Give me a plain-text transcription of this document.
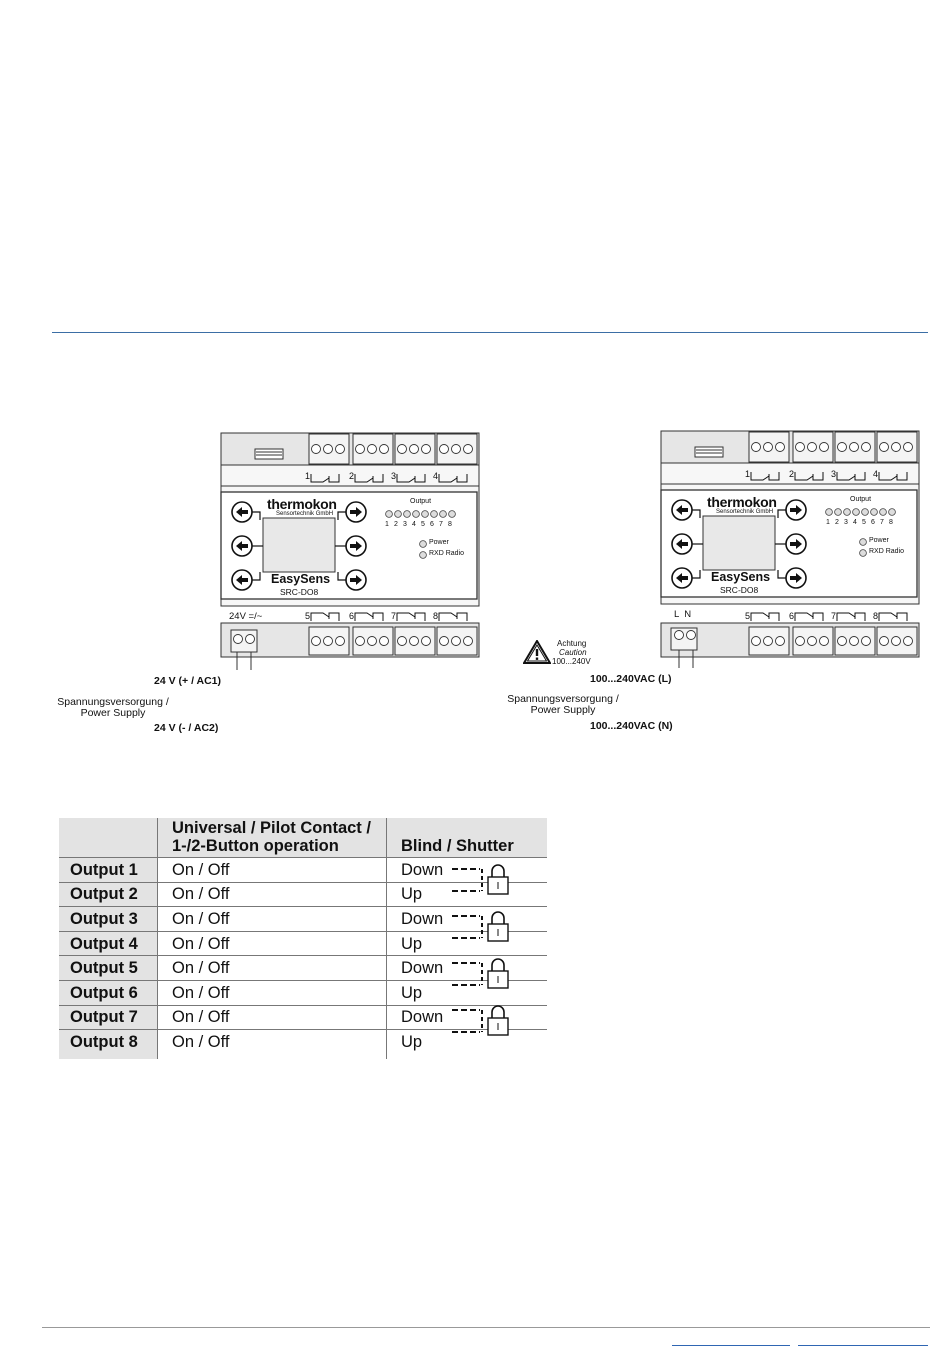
thermokon
Sensortechnik GmbH
EasySens
SRC-DO8
Output
1 2 3 4 5 6 7 8
Power
RXD Radio
1	2	3	4
5	6	7	8
24V =/~
24 V (+ / AC1)
24 V (- / AC2)
Spannungsversorgung /
Power Supply
thermokon
Sensortechnik GmbH
EasySens
SRC-DO8
Output
1 2 3 4 5 6 7 8
Power
RXD Radio
1	2	3	4
5	6	7	8
L  N
Achtung
Caution
100...240V
100...240VAC (L)
100...240VAC (N)
Spannungsversorgung /
Power Supply

	Universal / Pilot Contact /
1-/2-Button operation	Blind / Shutter
Output 1	On / Off	Down
Output 2	On / Off	Up
Output 3	On / Off	Down
Output 4	On / Off	Up
Output 5	On / Off	Down
Output 6	On / Off	Up
Output 7	On / Off	Down
Output 8	On / Off	Up
